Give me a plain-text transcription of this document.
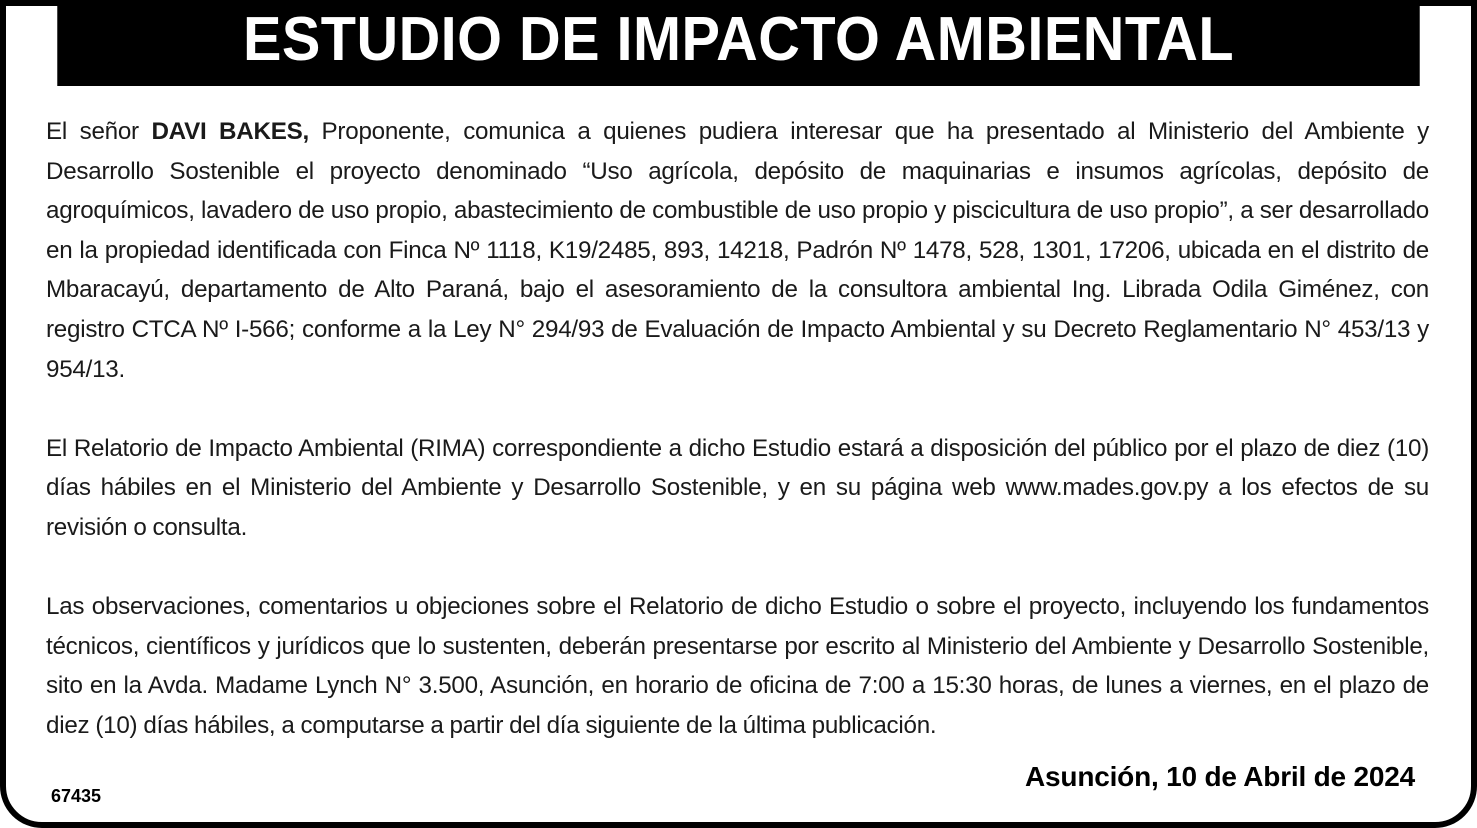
ESTUDIO DE IMPACTO AMBIENTAL

El señor DAVI BAKES, Proponente, comunica a quienes pudiera interesar que ha presentado al Ministerio del Ambiente y Desarrollo Sostenible el proyecto denominado “Uso agrícola, depósito de maquinarias e insumos agrícolas, depósito de agroquímicos, lavadero de uso propio, abastecimiento de combustible de uso propio y piscicultura de uso propio”, a ser desarrollado en la propiedad identificada con Finca Nº 1118, K19/2485, 893, 14218, Padrón Nº 1478, 528, 1301, 17206, ubicada en el distrito de Mbaracayú, departamento de Alto Paraná, bajo el asesoramiento de la consultora ambiental Ing. Librada Odila Giménez, con registro CTCA Nº I-566; conforme a la Ley N° 294/93 de Evaluación de Impacto Ambiental y su Decreto Reglamentario N° 453/13 y 954/13.

El Relatorio de Impacto Ambiental (RIMA) correspondiente a dicho Estudio estará a disposición del público por el plazo de diez (10) días hábiles en el Ministerio del Ambiente y Desarrollo Sostenible, y en su página web www.mades.gov.py a los efectos de su revisión o consulta.

Las observaciones, comentarios u objeciones sobre el Relatorio de dicho Estudio o sobre el proyecto, incluyendo los fundamentos técnicos, científicos y jurídicos que lo sustenten, deberán presentarse por escrito al Ministerio del Ambiente y Desarrollo Sostenible, sito en la Avda. Madame Lynch N° 3.500, Asunción, en horario de oficina de 7:00 a 15:30 horas, de lunes a viernes, en el plazo de diez (10) días hábiles, a computarse a partir del día siguiente de la última publicación.

Asunción, 10 de Abril de 2024
67435
